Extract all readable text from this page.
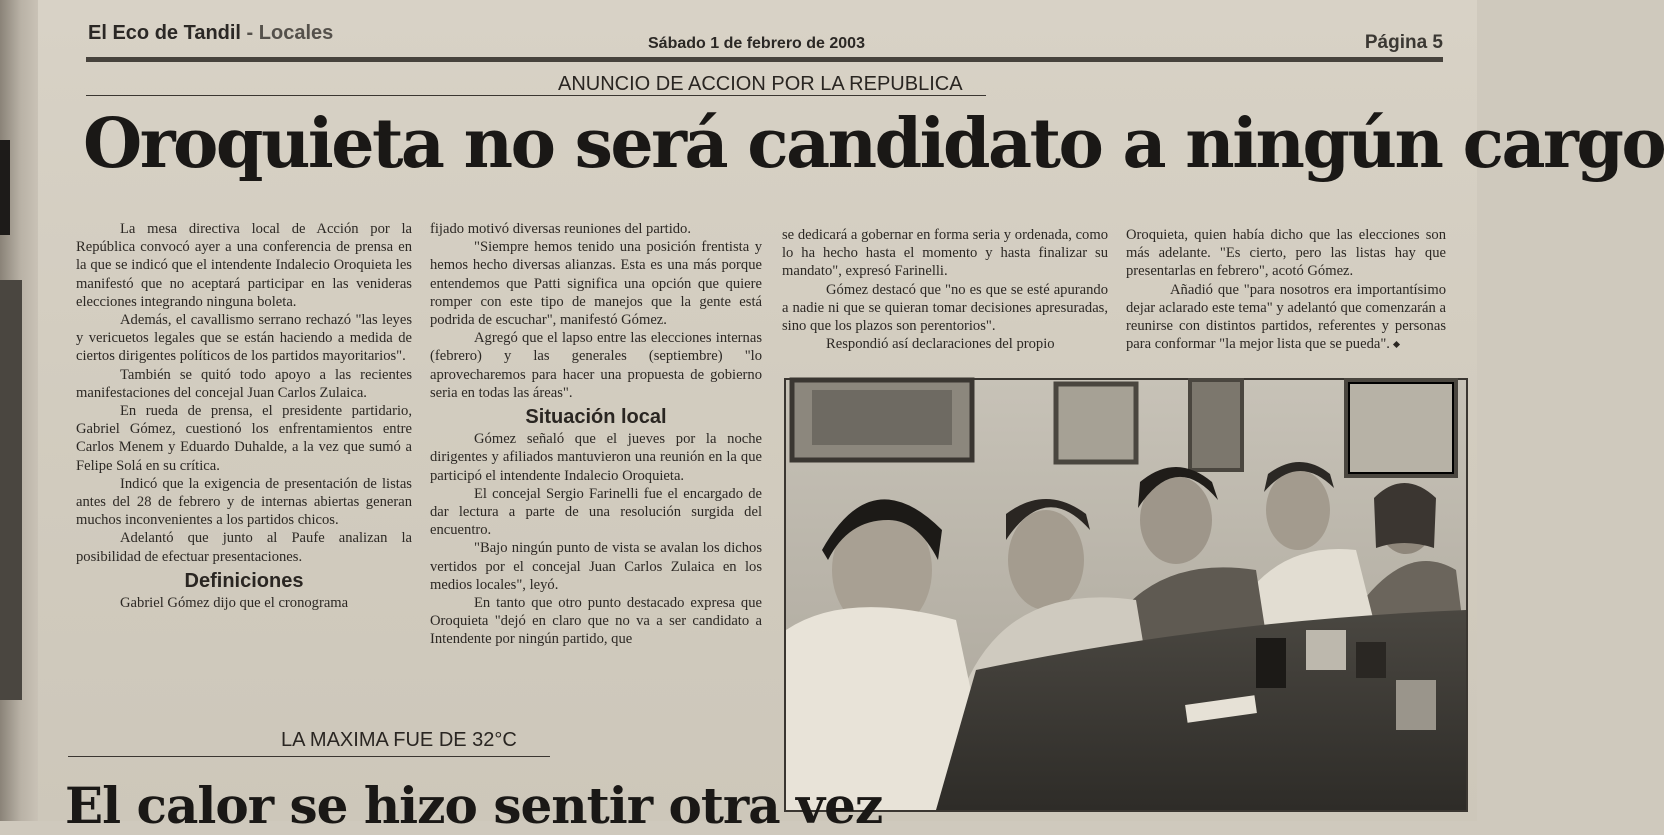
El Eco de Tandil - Locales	Sábado 1 de febrero de 2003	Página 5
ANUNCIO DE ACCION POR LA REPUBLICA
Oroquieta no será candidato a ningún cargo

La mesa directiva local de Acción por la República convocó ayer a una conferencia de prensa en la que se indicó que el intendente Indalecio Oroquieta les manifestó que no aceptará participar en las venideras elecciones integrando ninguna boleta.

Además, el cavallismo serrano rechazó "las leyes y vericuetos legales que se están haciendo a medida de ciertos dirigentes políticos de los partidos mayoritarios".

También se quitó todo apoyo a las recientes manifestaciones del concejal Juan Carlos Zulaica.

En rueda de prensa, el presidente partidario, Gabriel Gómez, cuestionó los enfrentamientos entre Carlos Menem y Eduardo Duhalde, a la vez que sumó a Felipe Solá en su crítica.

Indicó que la exigencia de presentación de listas antes del 28 de febrero y de internas abiertas generan muchos inconvenientes a los partidos chicos.

Adelantó que junto al Paufe analizan la posibilidad de efectuar presentaciones.

Definiciones

Gabriel Gómez dijo que el cronograma

fijado motivó diversas reuniones del partido.

"Siempre hemos tenido una posición frentista y hemos hecho diversas alianzas. Esta es una más porque entendemos que Patti significa una opción que quiere romper con este tipo de manejos que la gente está podrida de escuchar", manifestó Gómez.

Agregó que el lapso entre las elecciones internas (febrero) y las generales (septiembre) "lo aprovecharemos para hacer una propuesta de gobierno seria en todas las áreas".

Situación local

Gómez señaló que el jueves por la noche dirigentes y afiliados mantuvieron una reunión en la que participó el intendente Indalecio Oroquieta.

El concejal Sergio Farinelli fue el encargado de dar lectura a parte de una resolución surgida del encuentro.

"Bajo ningún punto de vista se avalan los dichos vertidos por el concejal Juan Carlos Zulaica en los medios locales", leyó.

En tanto que otro punto destacado expresa que Oroquieta "dejó en claro que no va a ser candidato a Intendente por ningún partido, que

se dedicará a gobernar en forma seria y ordenada, como lo ha hecho hasta el momento y hasta finalizar su mandato", expresó Farinelli.

Gómez destacó que "no es que se esté apurando a nadie ni que se quieran tomar decisiones apresuradas, sino que los plazos son perentorios".

Respondió así declaraciones del propio

Oroquieta, quien había dicho que las elecciones son más adelante. "Es cierto, pero las listas hay que presentarlas en febrero", acotó Gómez.

Añadió que "para nosotros era importantísimo dejar aclarado este tema" y adelantó que comenzarán a reunirse con distintos partidos, referentes y personas para conformar "la mejor lista que se pueda".

LA MAXIMA FUE DE 32°C
El calor se hizo sentir otra vez
